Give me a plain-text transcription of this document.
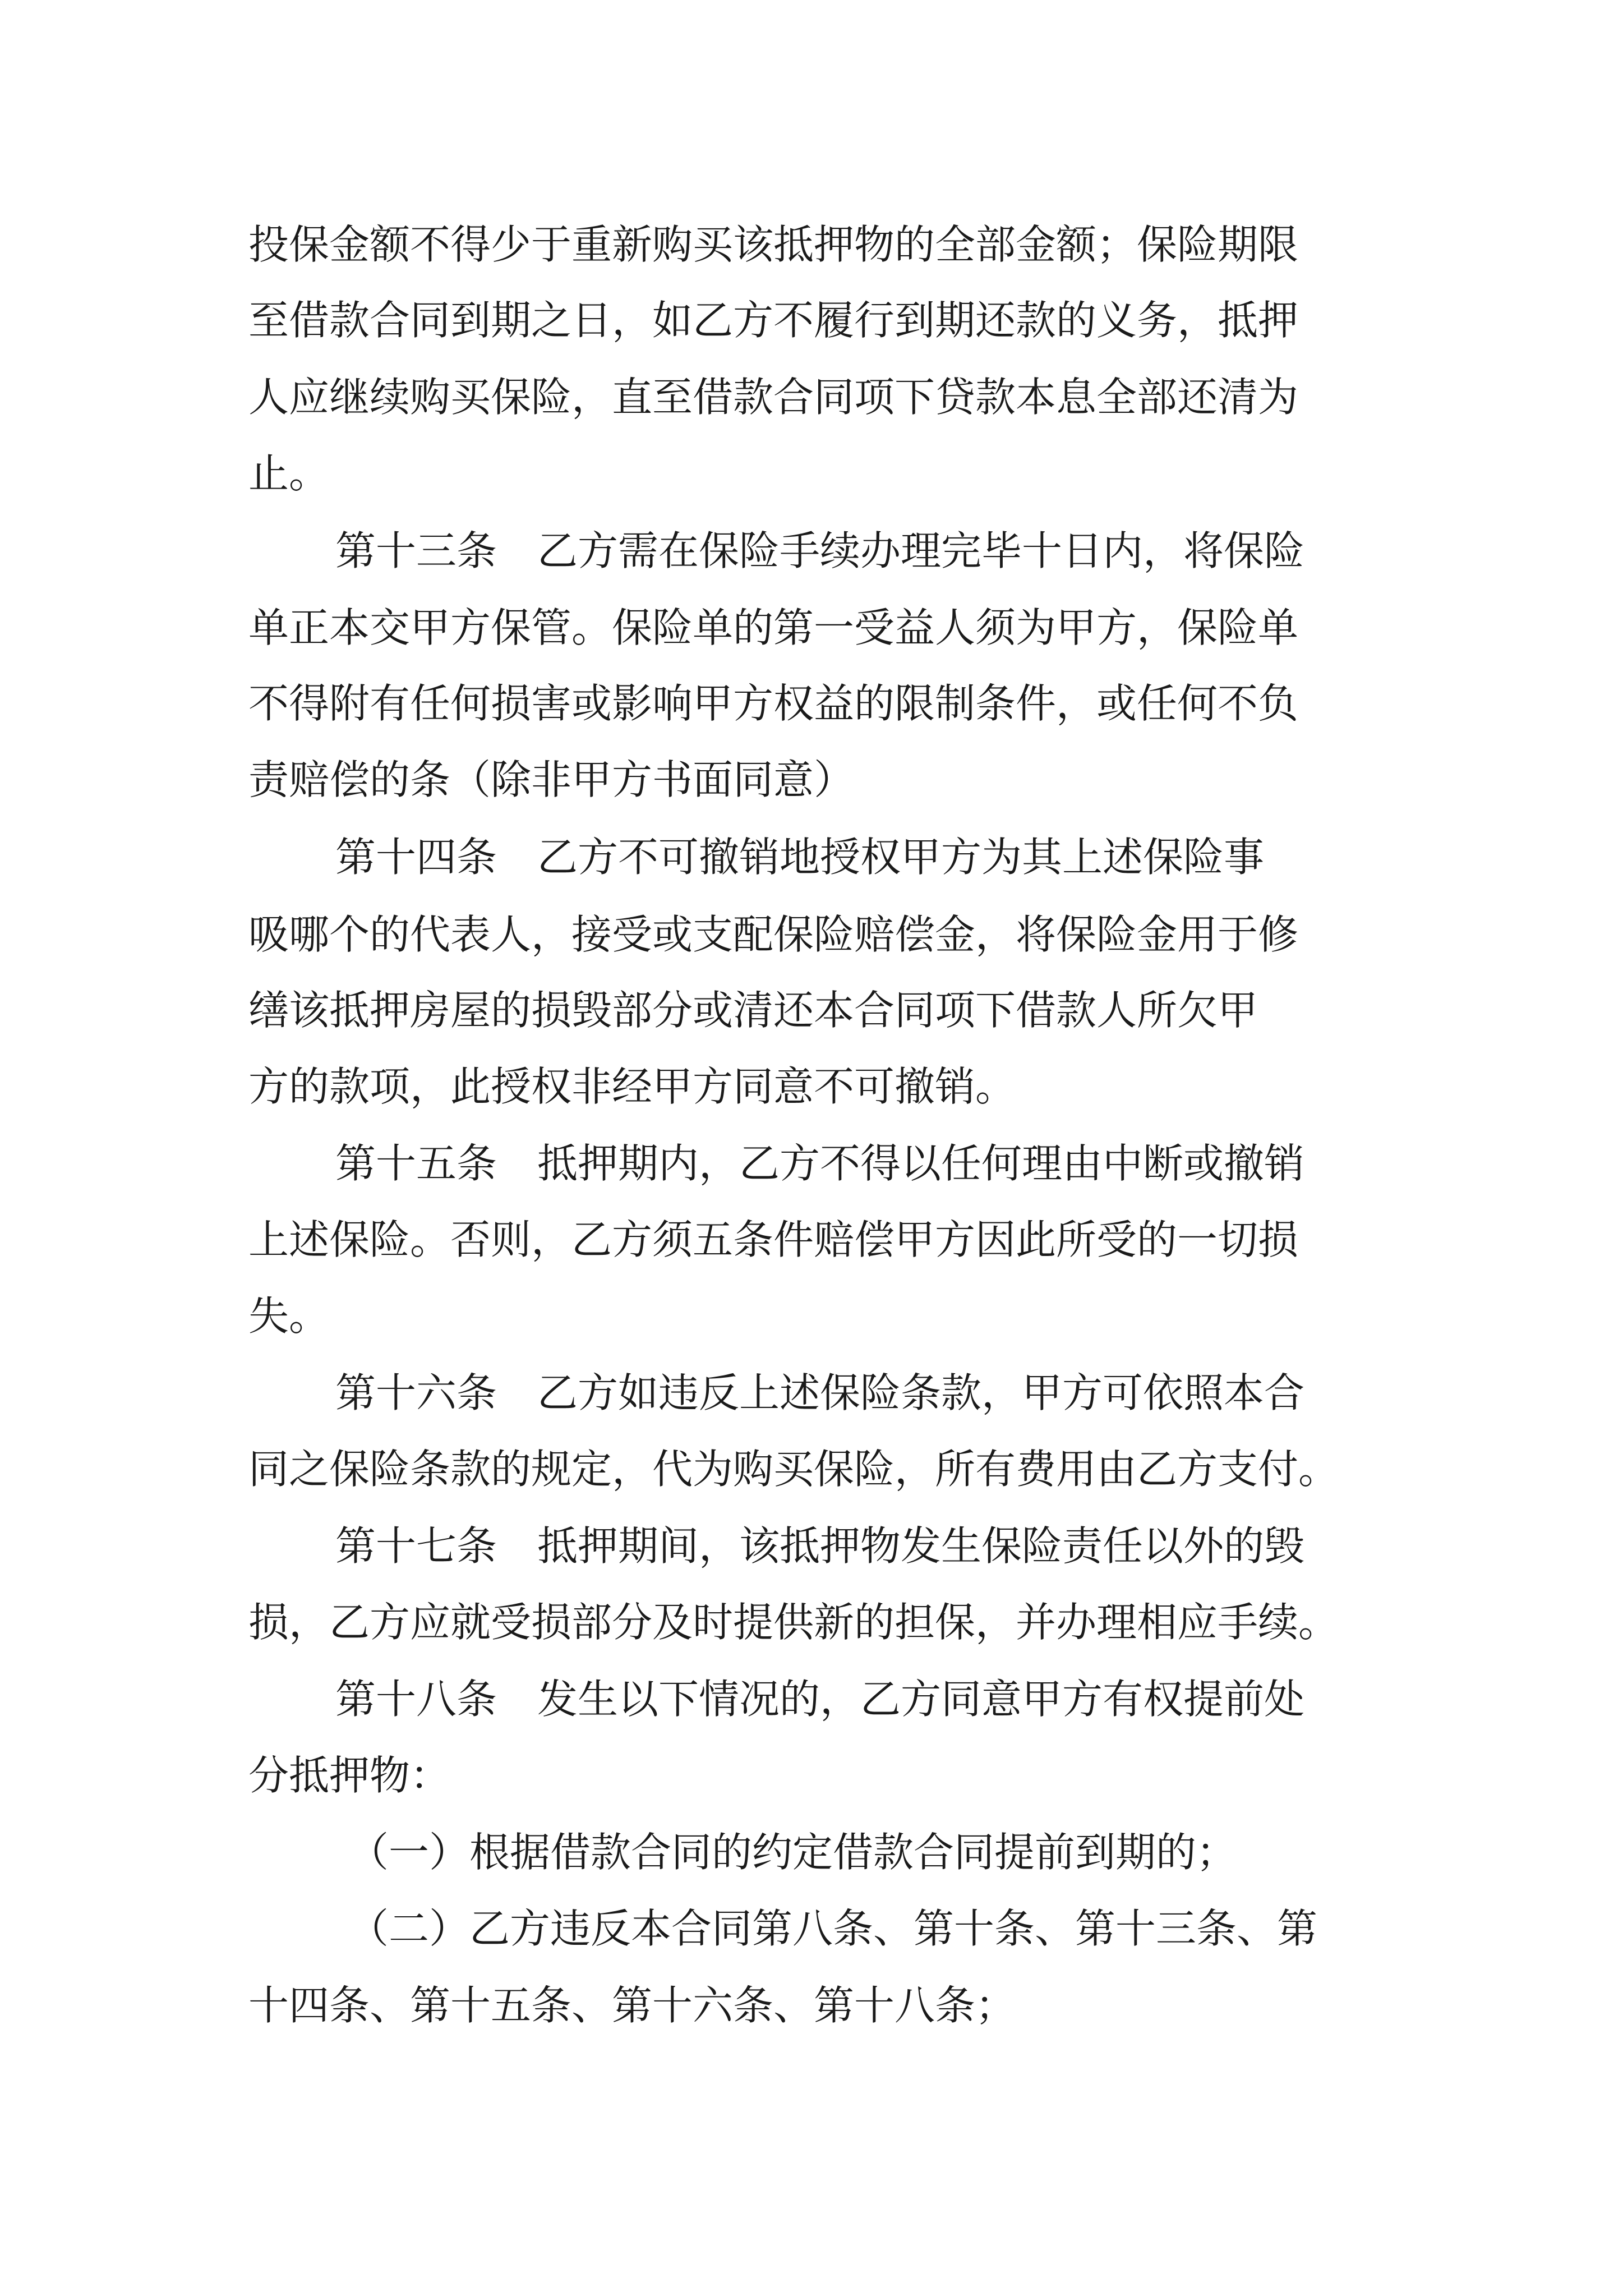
投保金额不得少于重新购买该抵押物的全部金额；保险期限
至借款合同到期之日，如乙方不履行到期还款的义务，抵押
人应继续购买保险，直至借款合同项下贷款本息全部还清为
止。
第十三条　乙方需在保险手续办理完毕十日内，将保险
单正本交甲方保管。保险单的第一受益人须为甲方，保险单
不得附有任何损害或影响甲方权益的限制条件，或任何不负
责赔偿的条（除非甲方书面同意）
第十四条　乙方不可撤销地授权甲方为其上述保险事
吸哪个的代表人，接受或支配保险赔偿金，将保险金用于修
缮该抵押房屋的损毁部分或清还本合同项下借款人所欠甲
方的款项，此授权非经甲方同意不可撤销。
第十五条　抵押期内，乙方不得以任何理由中断或撤销
上述保险。否则，乙方须五条件赔偿甲方因此所受的一切损
失。
第十六条　乙方如违反上述保险条款，甲方可依照本合
同之保险条款的规定，代为购买保险，所有费用由乙方支付。
第十七条　抵押期间，该抵押物发生保险责任以外的毁
损，乙方应就受损部分及时提供新的担保，并办理相应手续。
第十八条　发生以下情况的，乙方同意甲方有权提前处
分抵押物：
（一）根据借款合同的约定借款合同提前到期的；
（二）乙方违反本合同第八条、第十条、第十三条、第
十四条、第十五条、第十六条、第十八条；
